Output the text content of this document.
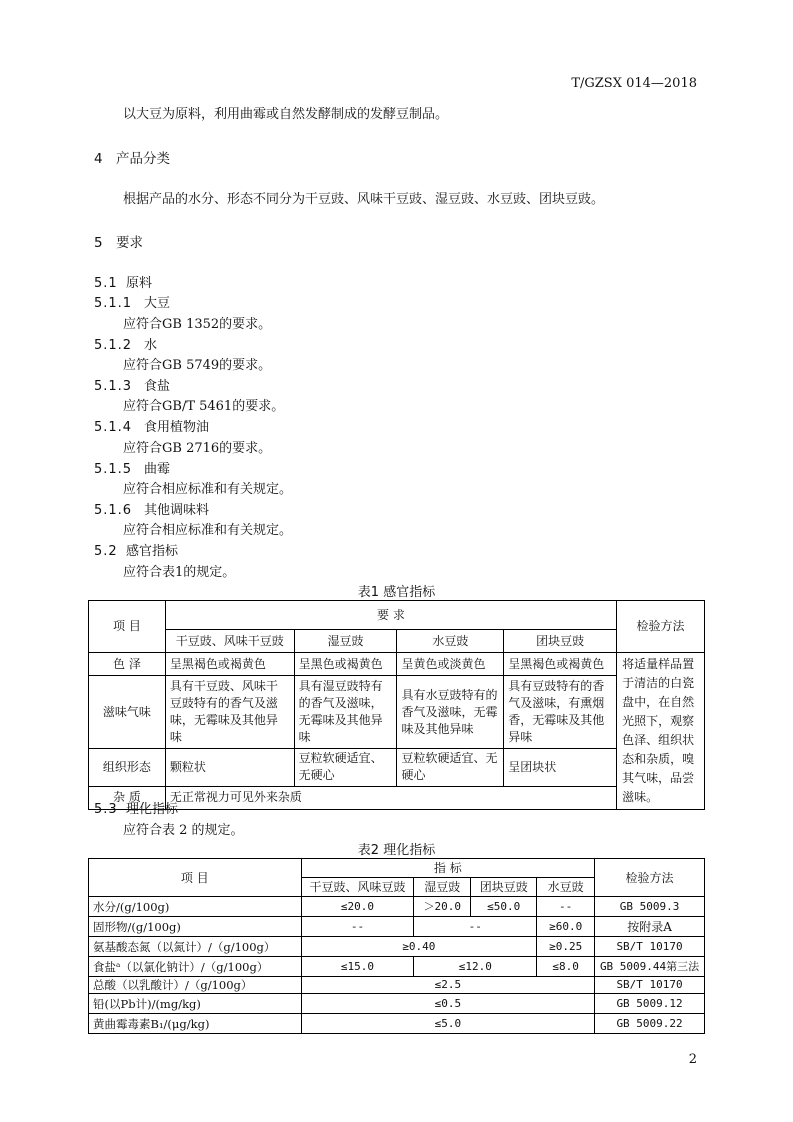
T/GZSX 014—2018
以大豆为原料，利用曲霉或自然发酵制成的发酵豆制品。
4 产品分类
根据产品的水分、形态不同分为干豆豉、风味干豆豉、湿豆豉、水豆豉、团块豆豉。
5 要求
5.1 原料
5.1.1 大豆
应符合GB 1352的要求。
5.1.2 水
应符合GB 5749的要求。
5.1.3 食盐
应符合GB/T 5461的要求。
5.1.4 食用植物油
应符合GB 2716的要求。
5.1.5 曲霉
应符合相应标准和有关规定。
5.1.6 其他调味料
应符合相应标准和有关规定。
5.2 感官指标
应符合表1的规定。
表1 感官指标
项 目	要 求				检验方法
	干豆豉、风味干豆豉	湿豆豉	水豆豉	团块豆豉	
色 泽	呈黑褐色或褐黄色	呈黑色或褐黄色	呈黄色或淡黄色	呈黑褐色或褐黄色	将适量样品置于清洁的白瓷盘中，在自然光照下，观察色泽、组织状态和杂质，嗅其气味，品尝滋味。
滋味气味	具有干豆豉、风味干豆豉特有的香气及滋味，无霉味及其他异味	具有湿豆豉特有的香气及滋味，无霉味及其他异味	具有水豆豉特有的香气及滋味，无霉味及其他异味	具有豆豉特有的香气及滋味，有熏烟香，无霉味及其他异味	
组织形态	颗粒状	豆粒软硬适宜、无硬心	豆粒软硬适宜、无硬心	呈团块状	
杂 质	无正常视力可见外来杂质				
5.3 理化指标
应符合表 2 的规定。
表2 理化指标
项 目	指 标				检验方法
	干豆豉、风味豆豉	湿豆豉	团块豆豉	水豆豉	
水分/(g/100g)	≤20.0	＞20.0	≤50.0	--	GB 5009.3
固形物/(g/100g)	--	--		≥60.0	按附录A
氨基酸态氮（以氮计）/（g/100g）	≥0.40			≥0.25	SB/T 10170
食盐ᵃ（以氯化钠计）/（g/100g）	≤15.0	≤12.0		≤8.0	GB 5009.44第三法
总酸（以乳酸计）/（g/100g）	≤2.5				SB/T 10170
铅(以Pb计)/(mg/kg)	≤0.5				GB 5009.12
黄曲霉毒素B₁/(μg/kg)	≤5.0				GB 5009.22
2
